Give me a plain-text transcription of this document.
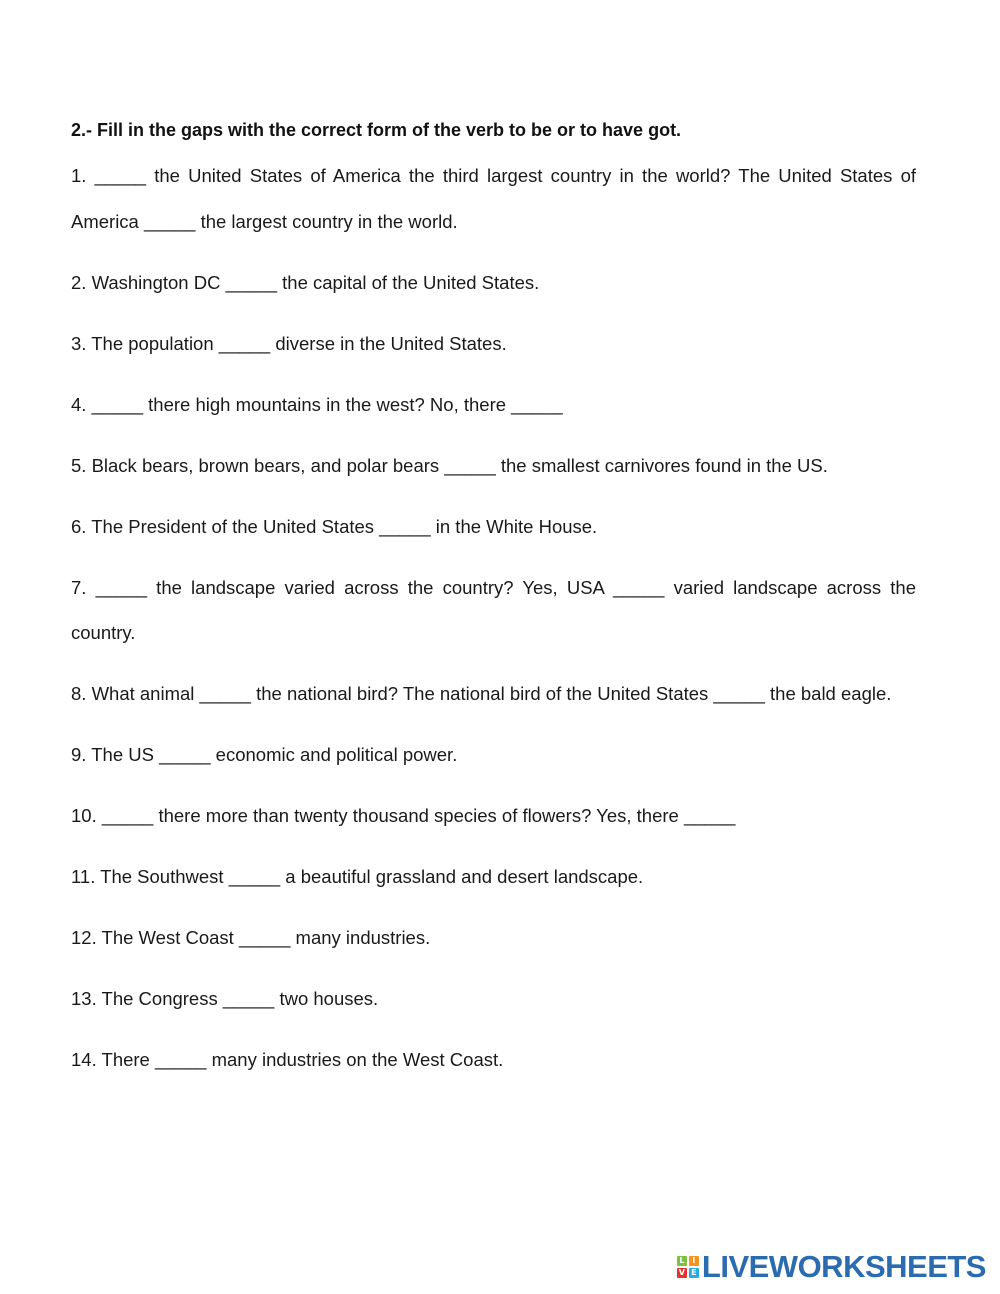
2.- Fill in the gaps with the correct form of the verb to be or to have got.

1. _____ the United States of America the third largest country in the world? The United States of America _____ the largest country in the world.

2. Washington DC _____ the capital of the United States.

3. The population _____ diverse in the United States.

4. _____ there high mountains in the west? No, there _____

5. Black bears, brown bears, and polar bears _____ the smallest carnivores found in the US.

6. The President of the United States _____ in the White House.

7. _____ the landscape varied across the country? Yes, USA _____ varied landscape across the country.

8. What animal _____ the national bird? The national bird of the United States _____ the bald eagle.

9. The US _____ economic and political power.

10. _____ there more than twenty thousand species of flowers? Yes, there _____

11. The Southwest _____ a beautiful grassland and desert landscape.

12. The West Coast _____ many industries.

13. The Congress _____ two houses.

14. There _____ many industries on the West Coast.

L I
V E LIVEWORKSHEETS
